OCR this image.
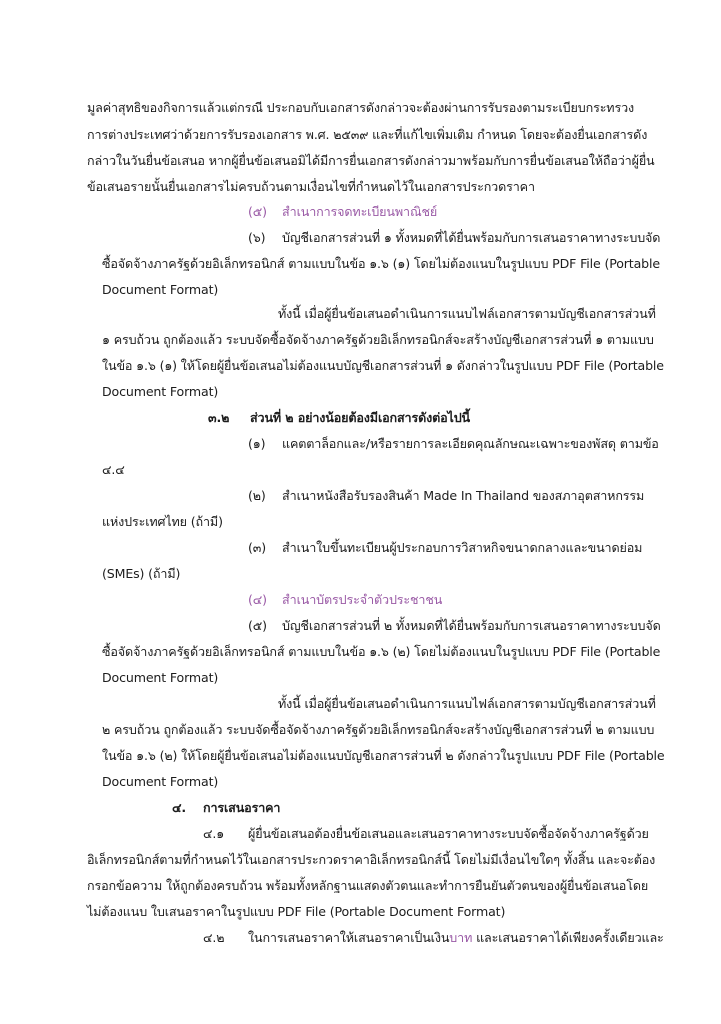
มูลค่าสุทธิของกิจการแล้วแต่กรณี ประกอบกับเอกสารดังกล่าวจะต้องผ่านการรับรองตามระเบียบกระทรวง
การต่างประเทศว่าด้วยการรับรองเอกสาร พ.ศ. ๒๕๓๙ และที่แก้ไขเพิ่มเติม กำหนด โดยจะต้องยื่นเอกสารดัง
กล่าวในวันยื่นข้อเสนอ หากผู้ยื่นข้อเสนอมิได้มีการยื่นเอกสารดังกล่าวมาพร้อมกับการยื่นข้อเสนอให้ถือว่าผู้ยื่น
ข้อเสนอรายนั้นยื่นเอกสารไม่ครบถ้วนตามเงื่อนไขที่กำหนดไว้ในเอกสารประกวดราคา
(๕) สำเนาการจดทะเบียนพาณิชย์
(๖) บัญชีเอกสารส่วนที่ ๑ ทั้งหมดที่ได้ยื่นพร้อมกับการเสนอราคาทางระบบจัด
ซื้อจัดจ้างภาครัฐด้วยอิเล็กทรอนิกส์ ตามแบบในข้อ ๑.๖ (๑) โดยไม่ต้องแนบในรูปแบบ PDF File (Portable
Document Format)
ทั้งนี้ เมื่อผู้ยื่นข้อเสนอดำเนินการแนบไฟล์เอกสารตามบัญชีเอกสารส่วนที่
๑ ครบถ้วน ถูกต้องแล้ว ระบบจัดซื้อจัดจ้างภาครัฐด้วยอิเล็กทรอนิกส์จะสร้างบัญชีเอกสารส่วนที่ ๑ ตามแบบ
ในข้อ ๑.๖ (๑) ให้โดยผู้ยื่นข้อเสนอไม่ต้องแนบบัญชีเอกสารส่วนที่ ๑ ดังกล่าวในรูปแบบ PDF File (Portable
Document Format)
๓.๒ ส่วนที่ ๒ อย่างน้อยต้องมีเอกสารดังต่อไปนี้
(๑) แคตตาล็อกและ/หรือรายการละเอียดคุณลักษณะเฉพาะของพัสดุ ตามข้อ
๔.๔
(๒) สำเนาหนังสือรับรองสินค้า Made In Thailand ของสภาอุตสาหกรรม
แห่งประเทศไทย (ถ้ามี)
(๓) สำเนาใบขึ้นทะเบียนผู้ประกอบการวิสาหกิจขนาดกลางและขนาดย่อม
(SMEs) (ถ้ามี)
(๔) สำเนาบัตรประจำตัวประชาชน
(๕) บัญชีเอกสารส่วนที่ ๒ ทั้งหมดที่ได้ยื่นพร้อมกับการเสนอราคาทางระบบจัด
ซื้อจัดจ้างภาครัฐด้วยอิเล็กทรอนิกส์ ตามแบบในข้อ ๑.๖ (๒) โดยไม่ต้องแนบในรูปแบบ PDF File (Portable
Document Format)
ทั้งนี้ เมื่อผู้ยื่นข้อเสนอดำเนินการแนบไฟล์เอกสารตามบัญชีเอกสารส่วนที่
๒ ครบถ้วน ถูกต้องแล้ว ระบบจัดซื้อจัดจ้างภาครัฐด้วยอิเล็กทรอนิกส์จะสร้างบัญชีเอกสารส่วนที่ ๒ ตามแบบ
ในข้อ ๑.๖ (๒) ให้โดยผู้ยื่นข้อเสนอไม่ต้องแนบบัญชีเอกสารส่วนที่ ๒ ดังกล่าวในรูปแบบ PDF File (Portable
Document Format)
๔. การเสนอราคา
๔.๑ ผู้ยื่นข้อเสนอต้องยื่นข้อเสนอและเสนอราคาทางระบบจัดซื้อจัดจ้างภาครัฐด้วย
อิเล็กทรอนิกส์ตามที่กำหนดไว้ในเอกสารประกวดราคาอิเล็กทรอนิกส์นี้ โดยไม่มีเงื่อนไขใดๆ ทั้งสิ้น และจะต้อง
กรอกข้อความ ให้ถูกต้องครบถ้วน พร้อมทั้งหลักฐานแสดงตัวตนและทำการยืนยันตัวตนของผู้ยื่นข้อเสนอโดย
ไม่ต้องแนบ ใบเสนอราคาในรูปแบบ PDF File (Portable Document Format)
๔.๒ ในการเสนอราคาให้เสนอราคาเป็นเงินบาท และเสนอราคาได้เพียงครั้งเดียวและ
